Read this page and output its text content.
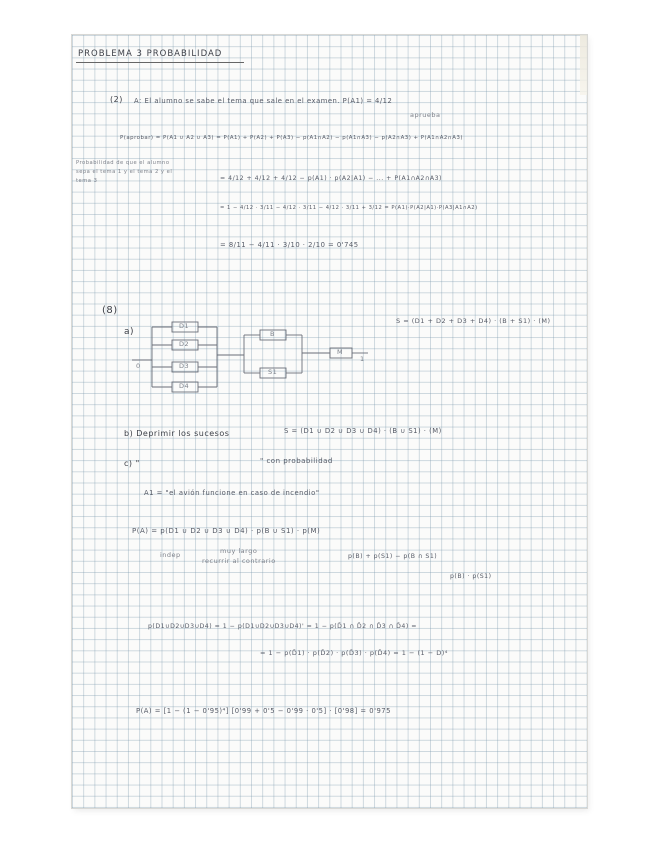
PROBLEMA 3 PROBABILIDAD
(2) A: El alumno se sabe el tema que sale en el examen. P(A1) = 4/12
aprueba
P(aprobar) = P(A1 ∪ A2 ∪ A3) = P(A1) + P(A2) + P(A3) − p(A1∩A2) − p(A1∩A3) − p(A2∩A3) + P(A1∩A2∩A3)
Probabilidad de que el alumno sepa el tema 1 y el tema 2 y el tema 3	= 4/12 + 4/12 + 4/12 − p(A1) · p(A2|A1) − ... + P(A1∩A2∩A3)
= 1 − 4/12 · 3/11 − 4/12 · 3/11 − 4/12 · 3/11 + 3/12 = P(A1)·P(A2|A1)·P(A3|A1∩A2)
= 8/11 − 4/11 · 3/10 · 2/10 = 0'745
(8)
a)
D1
D2
D3
D4
B
S1
M
0
1
S = (D1 + D2 + D3 + D4) · (B + S1) · (M)
b) Deprimir los sucesos	S = (D1 ∪ D2 ∪ D3 ∪ D4) · (B ∪ S1) · (M)
c) "	" con probabilidad
A1 = "el avión funcione en caso de incendio"
P(A) = p(D1 ∪ D2 ∪ D3 ∪ D4) · p(B ∪ S1) · p(M)
indep	muy largo
recurrir al contrario
p(B) + p(S1) − p(B ∩ S1)
p(B) · p(S1)
p(D1∪D2∪D3∪D4) = 1 − p(D1∪D2∪D3∪D4)' = 1 − p(D̄1 ∩ D̄2 ∩ D̄3 ∩ D̄4) =
= 1 − p(D̄1) · p(D̄2) · p(D̄3) · p(D̄4) = 1 − (1 − D)⁴
P(A) = [1 − (1 − 0'95)⁴] [0'99 + 0'5 − 0'99 · 0'5] · [0'98] = 0'975
